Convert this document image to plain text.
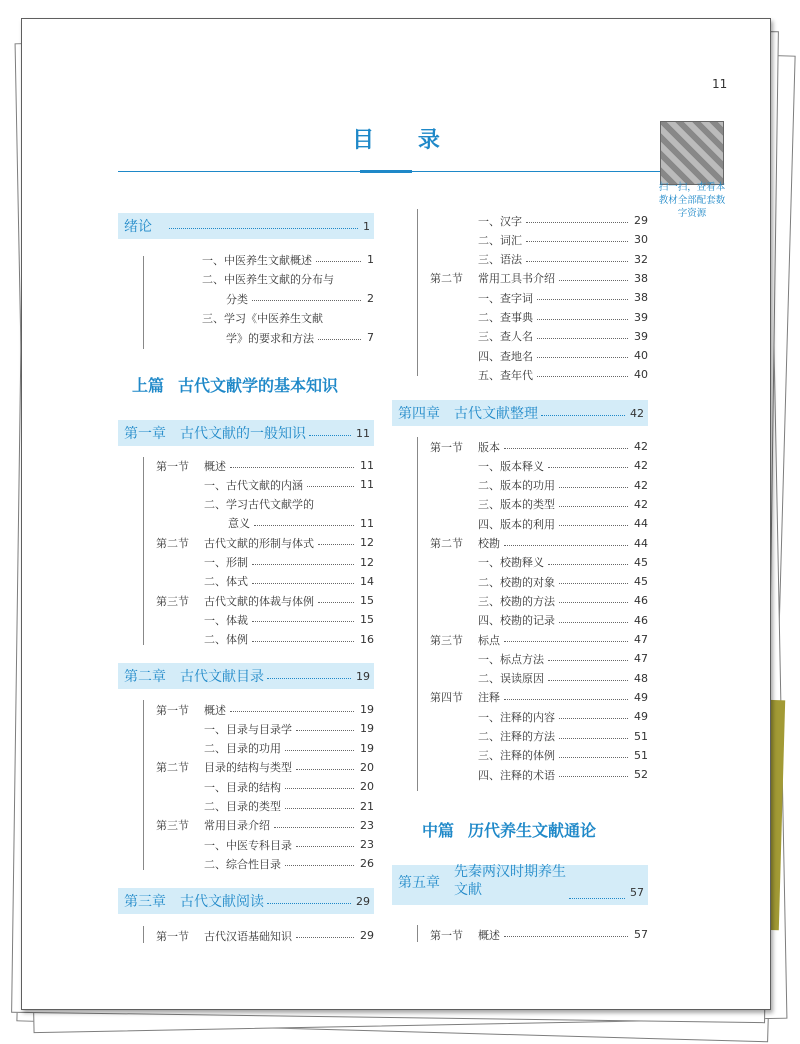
11
目 录
扫一扫，查看本教材全部配套数字资源
绪论	1
一、中医养生文献概述	1
二、中医养生文献的分布与
分类	2
三、学习《中医养生文献
学》的要求和方法	7
上篇 古代文献学的基本知识
第一章 古代文献的一般知识	11
第一节	概述	11
一、古代文献的内涵	11
二、学习古代文献学的
意义	11
第二节	古代文献的形制与体式	12
一、形制	12
二、体式	14
第三节	古代文献的体裁与体例	15
一、体裁	15
二、体例	16
第二章 古代文献目录	19
第一节	概述	19
一、目录与目录学	19
二、目录的功用	19
第二节	目录的结构与类型	20
一、目录的结构	20
二、目录的类型	21
第三节	常用目录介绍	23
一、中医专科目录	23
二、综合性目录	26
第三章 古代文献阅读	29
第一节	古代汉语基础知识	29
一、汉字	29
二、词汇	30
三、语法	32
第二节	常用工具书介绍	38
一、查字词	38
二、查事典	39
三、查人名	39
四、查地名	40
五、查年代	40
第四章 古代文献整理	42
第一节	版本	42
一、版本释义	42
二、版本的功用	42
三、版本的类型	42
四、版本的利用	44
第二节	校勘	44
一、校勘释义	45
二、校勘的对象	45
三、校勘的方法	46
四、校勘的记录	46
第三节	标点	47
一、标点方法	47
二、误读原因	48
第四节	注释	49
一、注释的内容	49
二、注释的方法	51
三、注释的体例	51
四、注释的术语	52
中篇 历代养生文献通论
第五章
先秦两汉时期养生
文献	57
第一节	概述	57
